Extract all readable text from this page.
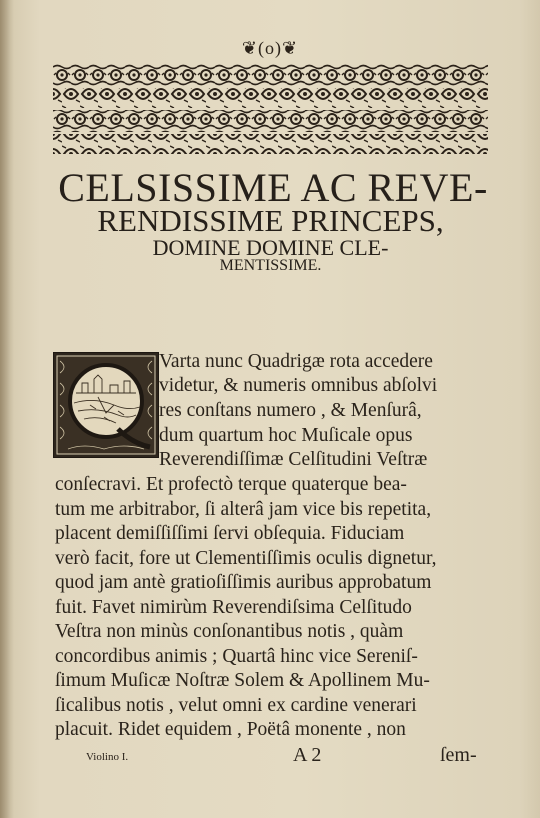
❦(o)❦
CELSISSIME AC REVE-
RENDISSIME PRINCEPS,
DOMINE DOMINE CLE-
MENTISSIME.
Varta nunc Quadrigæ rota accedere
videtur, & numeris omnibus abſolvi
res conſtans numero , & Menſurâ,
dum quartum hoc Muſicale opus
Reverendiſſimæ Celſitudini Veſtræ
conſecravi. Et profectò terque quaterque bea-
tum me arbitrabor, ſi alterâ jam vice bis repetita,
placent demiſſiſſimi ſervi obſequia. Fiduciam
verò facit, fore ut Clementiſſimis oculis dignetur,
quod jam antè gratioſiſſimis auribus approbatum
fuit. Favet nimirùm Reverendiſsima Celſitudo
Veſtra non minùs conſonantibus notis , quàm
concordibus animis ; Quartâ hinc vice Sereniſ-
ſimum Muſicæ Noſtræ Solem & Apollinem Mu-
ſicalibus notis , velut omni ex cardine venerari
placuit. Ridet equidem , Poëtâ monente , non
Violino I.	A 2	ſem-
